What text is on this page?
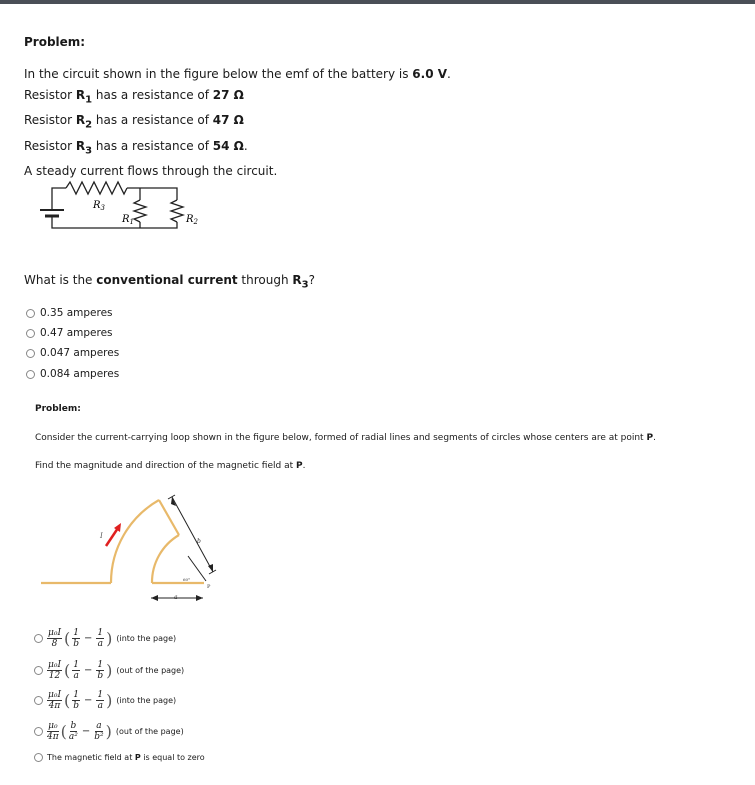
Problem:
In the circuit shown in the figure below the emf of the battery is 6.0 V.
Resistor $R_1$ has a resistance of 27 Ω
Resistor $R_2$ has a resistance of 47 Ω
Resistor $R_3$ has a resistance of 54 Ω.
A steady current flows through the circuit.
$R_3$
$R_1$	$R_2$
What is the conventional current through $R_3$?
0.35 amperes
0.47 amperes
0.047 amperes
0.084 amperes
Problem:
Consider the current-carrying loop shown in the figure below, formed of radial lines and segments of circles whose centers are at point P.
Find the magnitude and direction of the magnetic field at P.
I
b
60°
a
P
$\frac{\text{μ₀I}}{8}$ ( $\frac{1}{b} - \frac{1}{a}$ ) (into the page)
$\frac{\text{μ₀I}}{12}$ ( $\frac{1}{a} - \frac{1}{b}$ ) (out of the page)
$\frac{\text{μ₀I}}{4\pi}$ ( $\frac{1}{b} - \frac{1}{a}$ ) (into the page)
$\frac{\text{μ₀}}{4\pi}$ ( $\frac{b}{\text{a²}} - \frac{a}{\text{b²}}$ ) (out of the page)
The magnetic field at P is equal to zero
